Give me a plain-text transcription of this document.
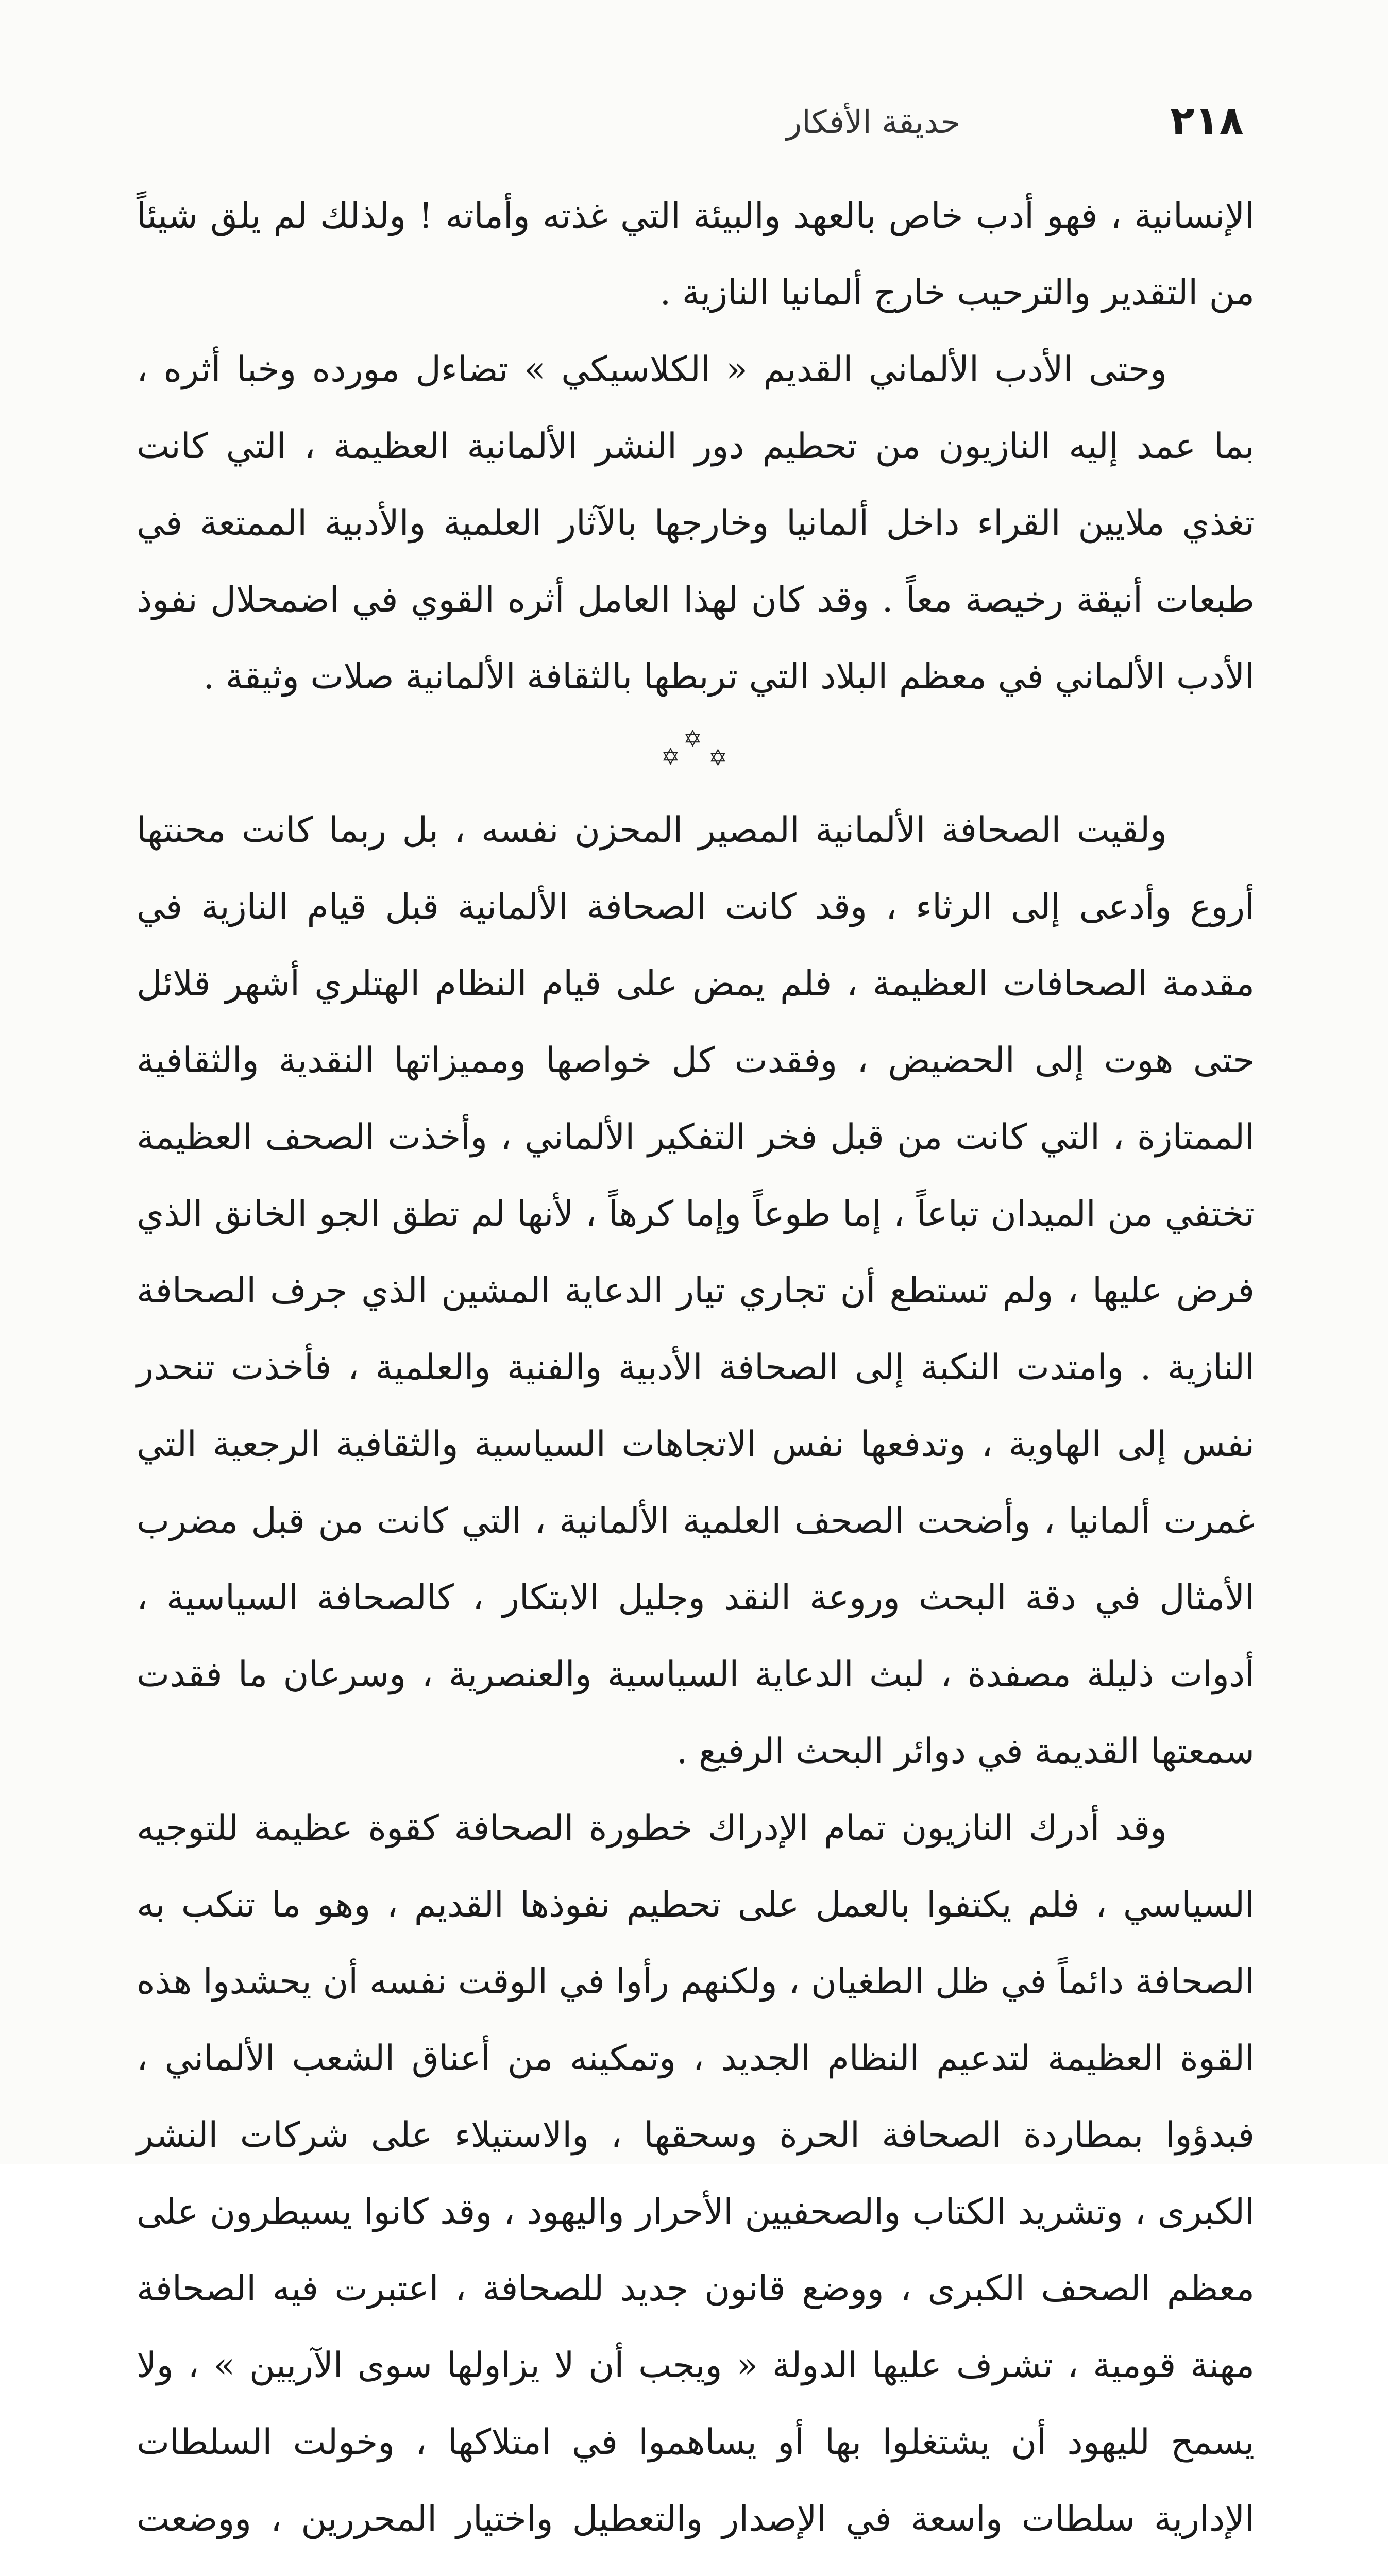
٢١٨
حديقة الأفكار

الإنسانية ، فهو أدب خاص بالعهد والبيئة التي غذته وأماته ! ولذلك لم يلق شيئاً من التقدير والترحيب خارج ألمانيا النازية .

وحتى الأدب الألماني القديم « الكلاسيكي » تضاءل مورده وخبا أثره ، بما عمد إليه النازيون من تحطيم دور النشر الألمانية العظيمة ، التي كانت تغذي ملايين القراء داخل ألمانيا وخارجها بالآثار العلمية والأدبية الممتعة في طبعات أنيقة رخيصة معاً . وقد كان لهذا العامل أثره القوي في اضمحلال نفوذ الأدب الألماني في معظم البلاد التي تربطها بالثقافة الألمانية صلات وثيقة .

✡
✡
✡

ولقيت الصحافة الألمانية المصير المحزن نفسه ، بل ربما كانت محنتها أروع وأدعى إلى الرثاء ، وقد كانت الصحافة الألمانية قبل قيام النازية في مقدمة الصحافات العظيمة ، فلم يمض على قيام النظام الهتلري أشهر قلائل حتى هوت إلى الحضيض ، وفقدت كل خواصها ومميزاتها النقدية والثقافية الممتازة ، التي كانت من قبل فخر التفكير الألماني ، وأخذت الصحف العظيمة تختفي من الميدان تباعاً ، إما طوعاً وإما كرهاً ، لأنها لم تطق الجو الخانق الذي فرض عليها ، ولم تستطع أن تجاري تيار الدعاية المشين الذي جرف الصحافة النازية . وامتدت النكبة إلى الصحافة الأدبية والفنية والعلمية ، فأخذت تنحدر نفس إلى الهاوية ، وتدفعها نفس الاتجاهات السياسية والثقافية الرجعية التي غمرت ألمانيا ، وأضحت الصحف العلمية الألمانية ، التي كانت من قبل مضرب الأمثال في دقة البحث وروعة النقد وجليل الابتكار ، كالصحافة السياسية ، أدوات ذليلة مصفدة ، لبث الدعاية السياسية والعنصرية ، وسرعان ما فقدت سمعتها القديمة في دوائر البحث الرفيع .

وقد أدرك النازيون تمام الإدراك خطورة الصحافة كقوة عظيمة للتوجيه السياسي ، فلم يكتفوا بالعمل على تحطيم نفوذها القديم ، وهو ما تنكب به الصحافة دائماً في ظل الطغيان ، ولكنهم رأوا في الوقت نفسه أن يحشدوا هذه القوة العظيمة لتدعيم النظام الجديد ، وتمكينه من أعناق الشعب الألماني ، فبدؤوا بمطاردة الصحافة الحرة وسحقها ، والاستيلاء على شركات النشر الكبرى ، وتشريد الكتاب والصحفيين الأحرار واليهود ، وقد كانوا يسيطرون على معظم الصحف الكبرى ، ووضع قانون جديد للصحافة ، اعتبرت فيه الصحافة مهنة قومية ، تشرف عليها الدولة « ويجب أن لا يزاولها سوى الآريين » ، ولا يسمح لليهود أن يشتغلوا بها أو يساهموا في امتلاكها ، وخولت السلطات الإدارية سلطات واسعة في الإصدار والتعطيل واختيار المحررين ، ووضعت
